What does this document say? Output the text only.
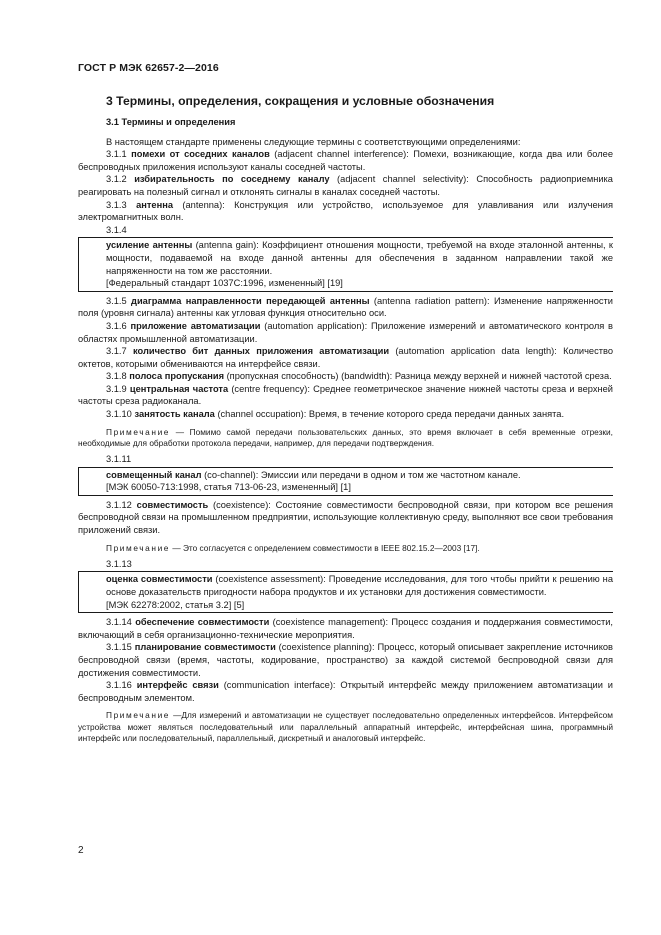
ГОСТ Р МЭК 62657-2—2016
3 Термины, определения, сокращения и условные обозначения

3.1 Термины и определения

В настоящем стандарте применены следующие термины с соответствующими определениями:

3.1.1 помехи от соседних каналов (adjacent channel interference): Помехи, возникающие, когда два или более беспроводных приложения используют каналы соседней частоты.

3.1.2 избирательность по соседнему каналу (adjacent channel selectivity): Способность радиоприемника реагировать на полезный сигнал и отклонять сигналы в каналах соседней частоты.

3.1.3 антенна (antenna): Конструкция или устройство, используемое для улавливания или излучения электромагнитных волн.

3.1.4

усиление антенны (antenna gain): Коэффициент отношения мощности, требуемой на входе эталонной антенны, к мощности, подаваемой на входе данной антенны для обеспечения в заданном направлении такой же напряженности на том же расстоянии.

[Федеральный стандарт 1037С:1996, измененный] [19]

3.1.5 диаграмма направленности передающей антенны (antenna radiation pattern): Изменение напряженности поля (уровня сигнала) антенны как угловая функция относительно оси.

3.1.6 приложение автоматизации (automation application): Приложение измерений и автоматического контроля в областях промышленной автоматизации.

3.1.7 количество бит данных приложения автоматизации (automation application data length): Количество октетов, которыми обмениваются на интерфейсе связи.

3.1.8 полоса пропускания (пропускная способность) (bandwidth): Разница между верхней и нижней частотой среза.

3.1.9 центральная частота (centre frequency): Среднее геометрическое значение нижней частоты среза и верхней частоты среза радиоканала.

3.1.10 занятость канала (channel occupation): Время, в течение которого среда передачи данных занята.

Примечание — Помимо самой передачи пользовательских данных, это время включает в себя временные отрезки, необходимые для обработки протокола передачи, например, для передачи подтверждения.

3.1.11

совмещенный канал (co-channel): Эмиссии или передачи в одном и том же частотном канале.

[МЭК 60050-713:1998, статья 713-06-23, измененный] [1]

3.1.12 совместимость (coexistence): Состояние совместимости беспроводной связи, при котором все решения беспроводной связи на промышленном предприятии, использующие коллективную среду, выполняют все свои требования приложений связи.

Примечание — Это согласуется с определением совместимости в IEEE 802.15.2—2003 [17].

3.1.13

оценка совместимости (coexistence assessment): Проведение исследования, для того чтобы прийти к решению на основе доказательств пригодности набора продуктов и их установки для достижения совместимости.

[МЭК 62278:2002, статья 3.2] [5]

3.1.14 обеспечение совместимости (coexistence management): Процесс создания и поддержания совместимости, включающий в себя организационно-технические мероприятия.

3.1.15 планирование совместимости (coexistence planning): Процесс, который описывает закрепление источников беспроводной связи (время, частоты, кодирование, пространство) за каждой системой беспроводной связи для достижения совместимости.

3.1.16 интерфейс связи (communication interface): Открытый интерфейс между приложением автоматизации и беспроводным элементом.

Примечание —Для измерений и автоматизации не существует последовательно определенных интерфейсов. Интерфейсом устройства может являться последовательный или параллельный аппаратный интерфейс, интерфейсная шина, программный интерфейс или последовательный, параллельный, дискретный и аналоговый интерфейс.

2
